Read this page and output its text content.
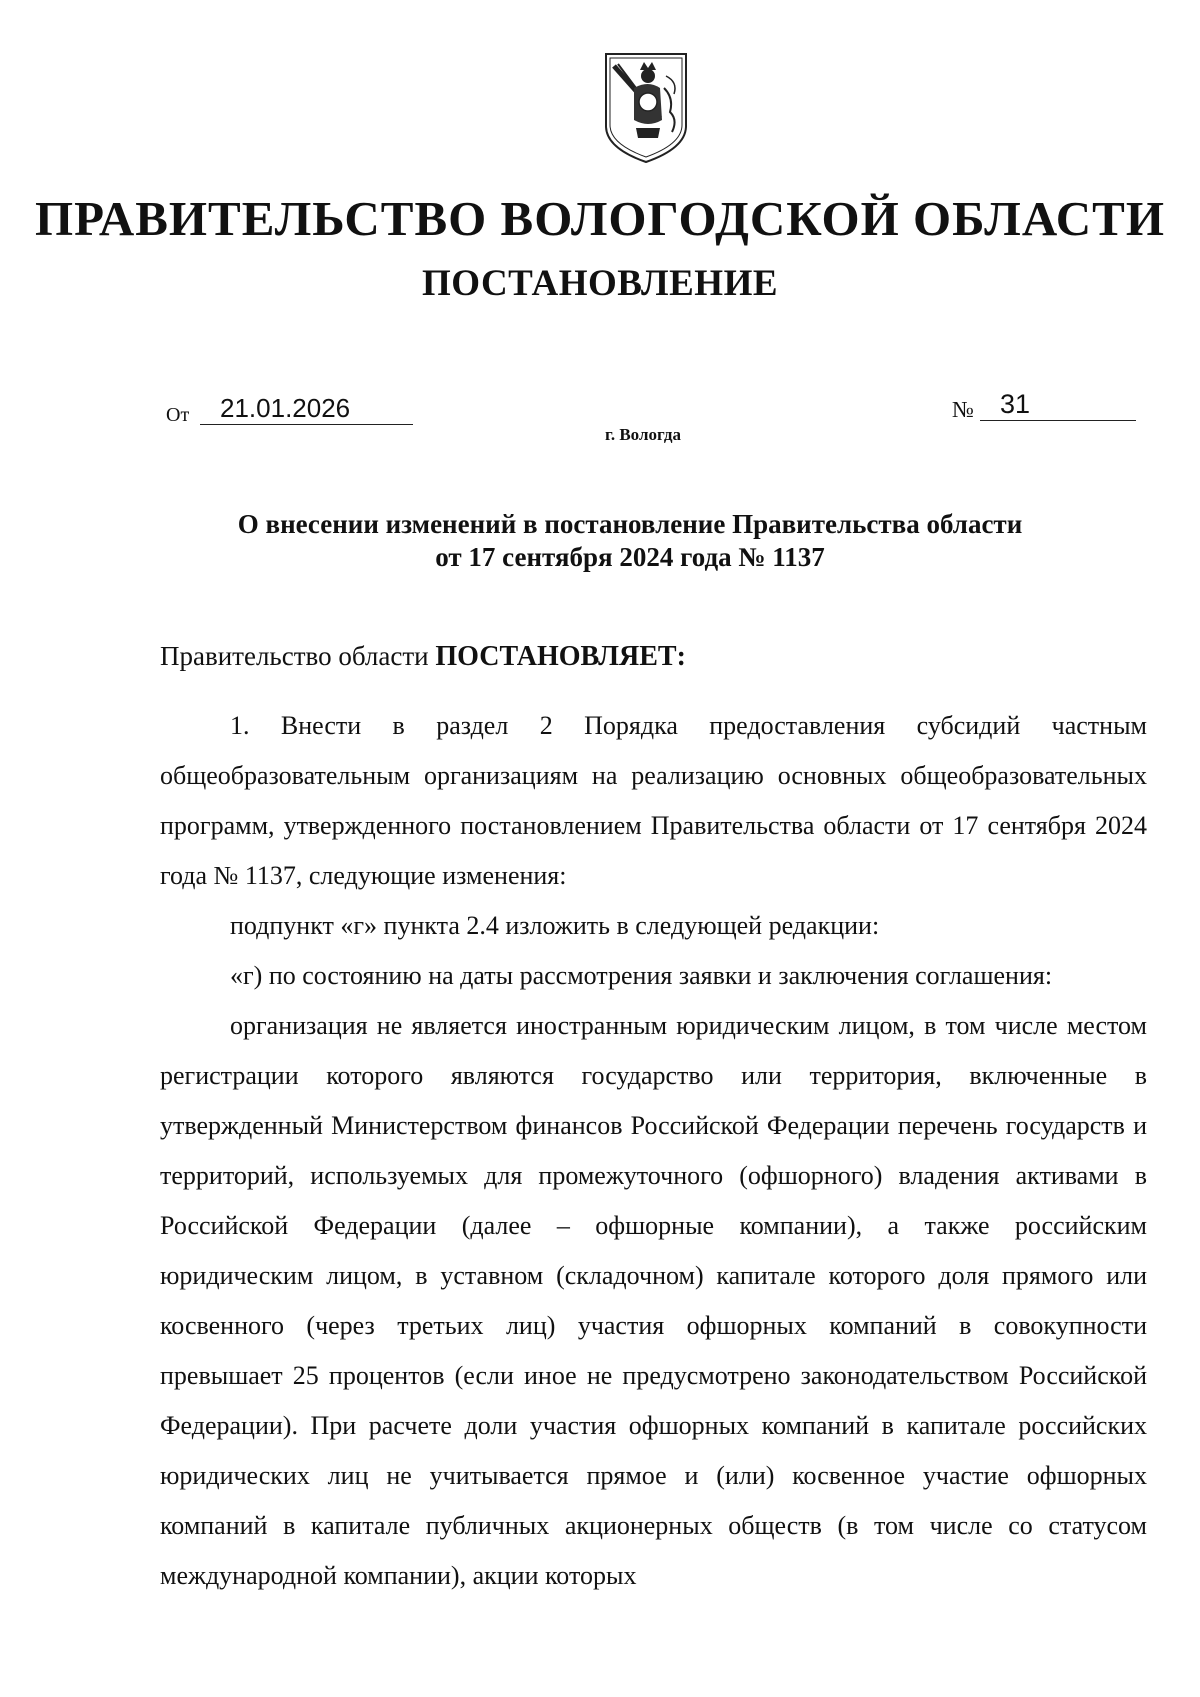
ПРАВИТЕЛЬСТВО ВОЛОГОДСКОЙ ОБЛАСТИ
ПОСТАНОВЛЕНИЕ
От	21.01.2026	№ 31
г. Вологда
О внесении изменений в постановление Правительства области
от 17 сентября 2024 года № 1137
Правительство области ПОСТАНОВЛЯЕТ:

1. Внести в раздел 2 Порядка предоставления субсидий частным общеобразовательным организациям на реализацию основных общеобразовательных программ, утвержденного постановлением Правительства области от 17 сентября 2024 года № 1137, следующие изменения:

подпункт «г» пункта 2.4 изложить в следующей редакции:

«г) по состоянию на даты рассмотрения заявки и заключения соглашения:

организация не является иностранным юридическим лицом, в том числе местом регистрации которого являются государство или территория, включенные в утвержденный Министерством финансов Российской Федерации перечень государств и территорий, используемых для промежуточного (офшорного) владения активами в Российской Федерации (далее – офшорные компании), а также российским юридическим лицом, в уставном (складочном) капитале которого доля прямого или косвенного (через третьих лиц) участия офшорных компаний в совокупности превышает 25 процентов (если иное не предусмотрено законодательством Российской Федерации). При расчете доли участия офшорных компаний в капитале российских юридических лиц не учитывается прямое и (или) косвенное участие офшорных компаний в капитале публичных акционерных обществ (в том числе со статусом международной компании), акции которых
